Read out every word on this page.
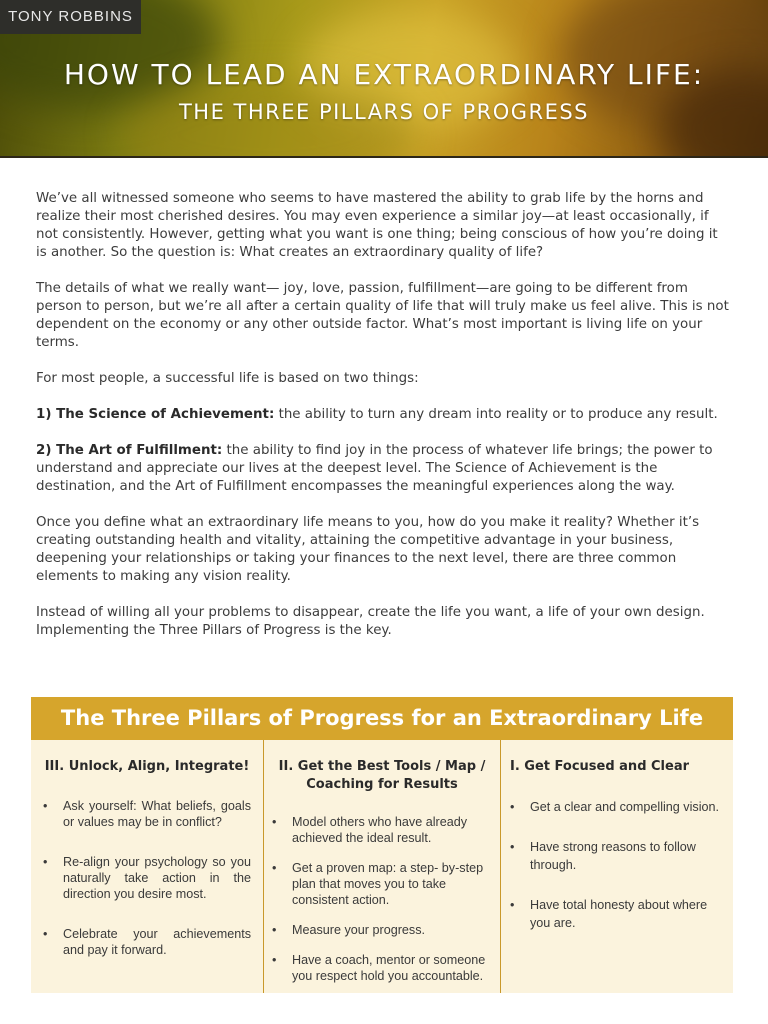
TONY ROBBINS
HOW TO LEAD AN EXTRAORDINARY LIFE:
THE THREE PILLARS OF PROGRESS

We’ve all witnessed someone who seems to have mastered the ability to grab life by the horns and realize their most cherished desires. You may even experience a similar joy—at least occasionally, if not consistently. However, getting what you want is one thing; being conscious of how you’re doing it is another. So the question is: What creates an extraordinary quality of life?

The details of what we really want— joy, love, passion, fulfillment—are going to be different from person to person, but we’re all after a certain quality of life that will truly make us feel alive. This is not dependent on the economy or any other outside factor. What’s most important is living life on your terms.

For most people, a successful life is based on two things:

1) The Science of Achievement: the ability to turn any dream into reality or to produce any result.

2) The Art of Fulfillment: the ability to find joy in the process of whatever life brings; the power to understand and appreciate our lives at the deepest level. The Science of Achievement is the destination, and the Art of Fulfillment encompasses the meaningful experiences along the way.

Once you define what an extraordinary life means to you, how do you make it reality? Whether it’s creating outstanding health and vitality, attaining the competitive advantage in your business, deepening your relationships or taking your finances to the next level, there are three common elements to making any vision reality.

Instead of willing all your problems to disappear, create the life you want, a life of your own design. Implementing the Three Pillars of Progress is the key.

The Three Pillars of Progress for an Extraordinary Life
III. Unlock, Align, Integrate!
• Ask yourself: What beliefs, goals or values may be in conflict?
• Re-align your psychology so you naturally take action in the direction you desire most.
• Celebrate your achievements and pay it forward.
II. Get the Best Tools / Map / Coaching for Results
• Model others who have already achieved the ideal result.
• Get a proven map: a step- by-step plan that moves you to take consistent action.
• Measure your progress.
• Have a coach, mentor or someone you respect hold you accountable.
I. Get Focused and Clear
• Get a clear and compelling vision.
• Have strong reasons to follow through.
• Have total honesty about where you are.
